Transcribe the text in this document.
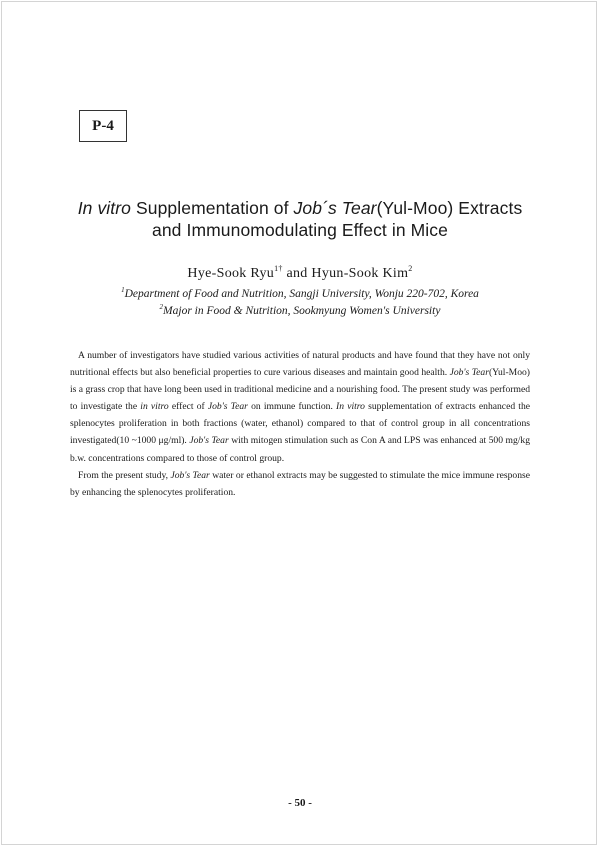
P-4
In vitro Supplementation of Job´s Tear(Yul-Moo) Extracts
and Immunomodulating Effect in Mice
Hye-Sook Ryu$^{1\dagger}$ and Hyun-Sook Kim$^2$
$^1$Department of Food and Nutrition, Sangji University, Wonju 220-702, Korea
$^2$Major in Food & Nutrition, Sookmyung Women's University

A number of investigators have studied various activities of natural products and have found that they have not only nutritional effects but also beneficial properties to cure various diseases and maintain good health. Job's Tear(Yul-Moo) is a grass crop that have long been used in traditional medicine and a nourishing food. The present study was performed to investigate the in vitro effect of Job's Tear on immune function. In vitro supplementation of extracts enhanced the splenocytes proliferation in both fractions (water, ethanol) compared to that of control group in all concentrations investigated(10 ~1000 μg/ml). Job's Tear with mitogen stimulation such as Con A and LPS was enhanced at 500 mg/kg b.w. concentrations compared to those of control group.

From the present study, Job's Tear water or ethanol extracts may be suggested to stimulate the mice immune response by enhancing the splenocytes proliferation.

- 50 -
